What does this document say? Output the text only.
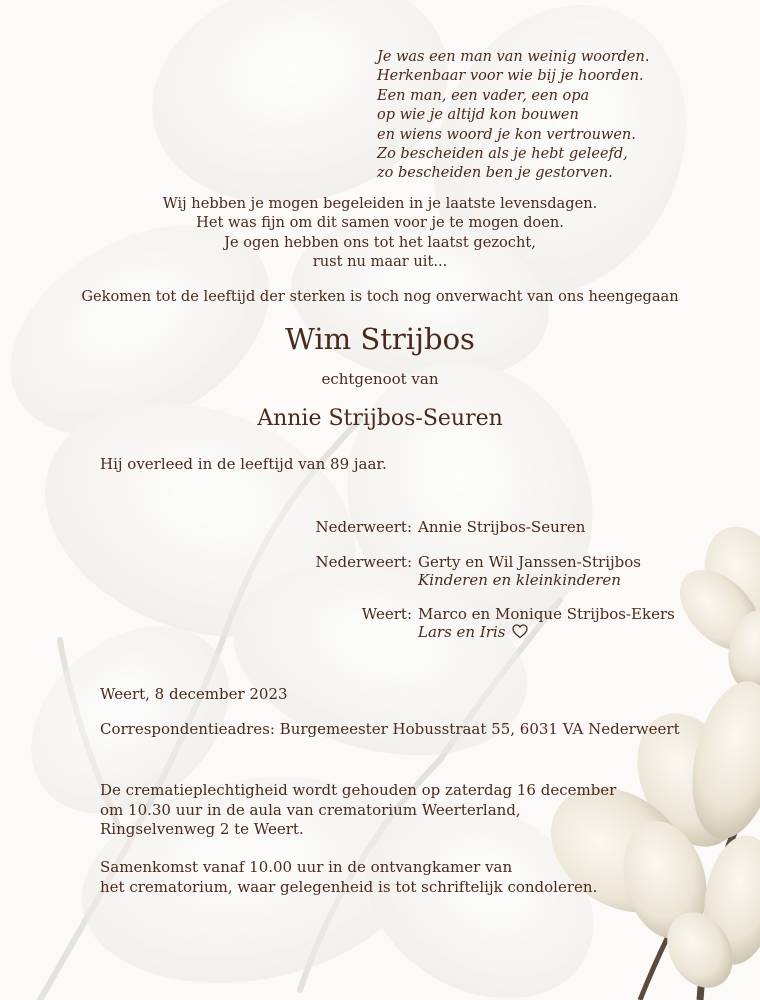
Je was een man van weinig woorden.
Herkenbaar voor wie bij je hoorden.
Een man, een vader, een opa
op wie je altijd kon bouwen
en wiens woord je kon vertrouwen.
Zo bescheiden als je hebt geleefd,
zo bescheiden ben je gestorven.
Wij hebben je mogen begeleiden in je laatste levensdagen.
Het was fijn om dit samen voor je te mogen doen.
Je ogen hebben ons tot het laatst gezocht,
rust nu maar uit...
Gekomen tot de leeftijd der sterken is toch nog onverwacht van ons heengegaan
Wim Strijbos
echtgenoot van
Annie Strijbos-Seuren
Hij overleed in de leeftijd van 89 jaar.
Nederweert: Annie Strijbos-Seuren
Nederweert: Gerty en Wil Janssen-Strijbos
Kinderen en kleinkinderen
Weert: Marco en Monique Strijbos-Ekers
Lars en Iris
Weert, 8 december 2023
Correspondentieadres: Burgemeester Hobusstraat 55, 6031 VA Nederweert
De crematieplechtigheid wordt gehouden op zaterdag 16 december
om 10.30 uur in de aula van crematorium Weerterland,
Ringselvenweg 2 te Weert.
Samenkomst vanaf 10.00 uur in de ontvangkamer van
het crematorium, waar gelegenheid is tot schriftelijk condoleren.
